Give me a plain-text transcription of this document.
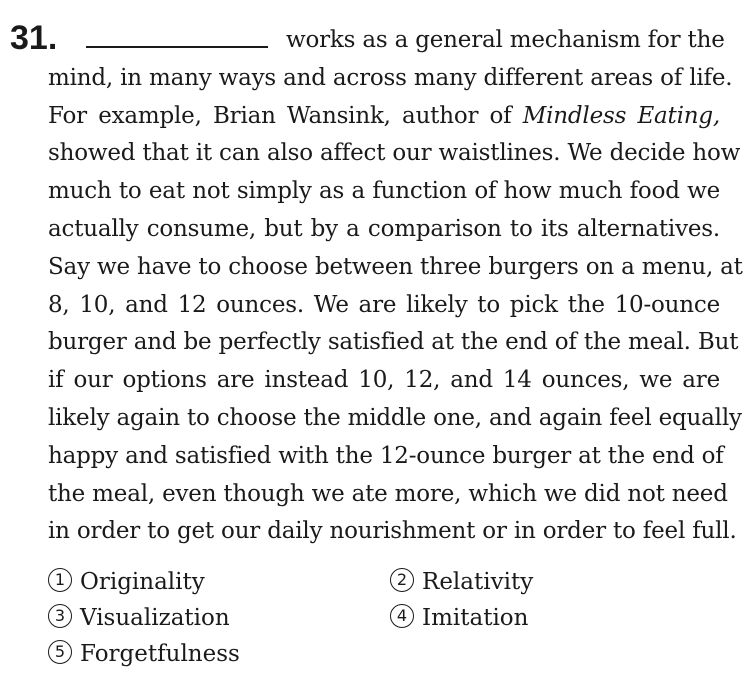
31.	works as a general mechanism for the
mind, in many ways and across many different areas of life.
For example, Brian Wansink, author of Mindless Eating,
showed that it can also affect our waistlines. We decide how
much to eat not simply as a function of how much food we
actually consume, but by a comparison to its alternatives.
Say we have to choose between three burgers on a menu, at
8, 10, and 12 ounces. We are likely to pick the 10-ounce
burger and be perfectly satisfied at the end of the meal. But
if our options are instead 10, 12, and 14 ounces, we are
likely again to choose the middle one, and again feel equally
happy and satisfied with the 12-ounce burger at the end of
the meal, even though we ate more, which we did not need
in order to get our daily nourishment or in order to feel full.
1 Originality	2 Relativity
3 Visualization	4 Imitation
5 Forgetfulness
